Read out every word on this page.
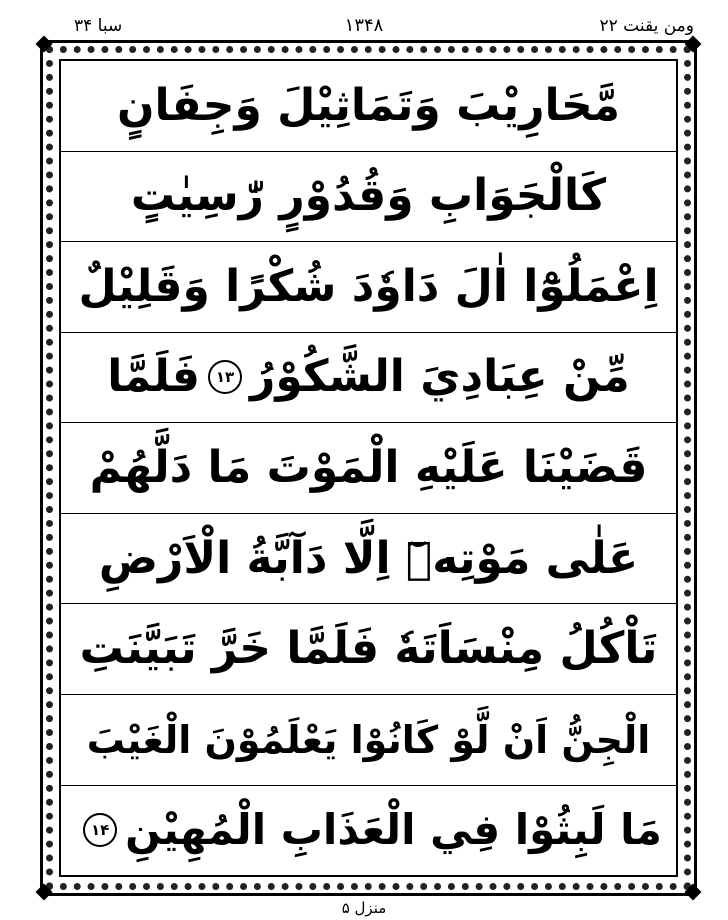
سبا ۳۴	۱۳۴۸	ومن یقنت ۲۲
مَّحَارِيْبَ وَتَمَاثِيْلَ وَجِفَانٍ
كَالْجَوَابِ وَقُدُوْرٍ رّٰسِيٰتٍ
اِعْمَلُوْٓا اٰلَ دَاوٗدَ شُكْرًا وَقَلِيْلٌ
مِّنْ عِبَادِيَ الشَّكُوْرُ
۱۳
فَلَمَّا
قَضَيْنَا عَلَيْهِ الْمَوْتَ مَا دَلَّهُمْ
عَلٰى مَوْتِهٖٓ اِلَّا دَآبَّةُ الْاَرْضِ
تَاْكُلُ مِنْسَاَتَهٗ فَلَمَّا خَرَّ تَبَيَّنَتِ
الْجِنُّ اَنْ لَّوْ كَانُوْا يَعْلَمُوْنَ الْغَيْبَ
مَا لَبِثُوْا فِي الْعَذَابِ الْمُهِيْنِ
۱۴
منزل ۵
